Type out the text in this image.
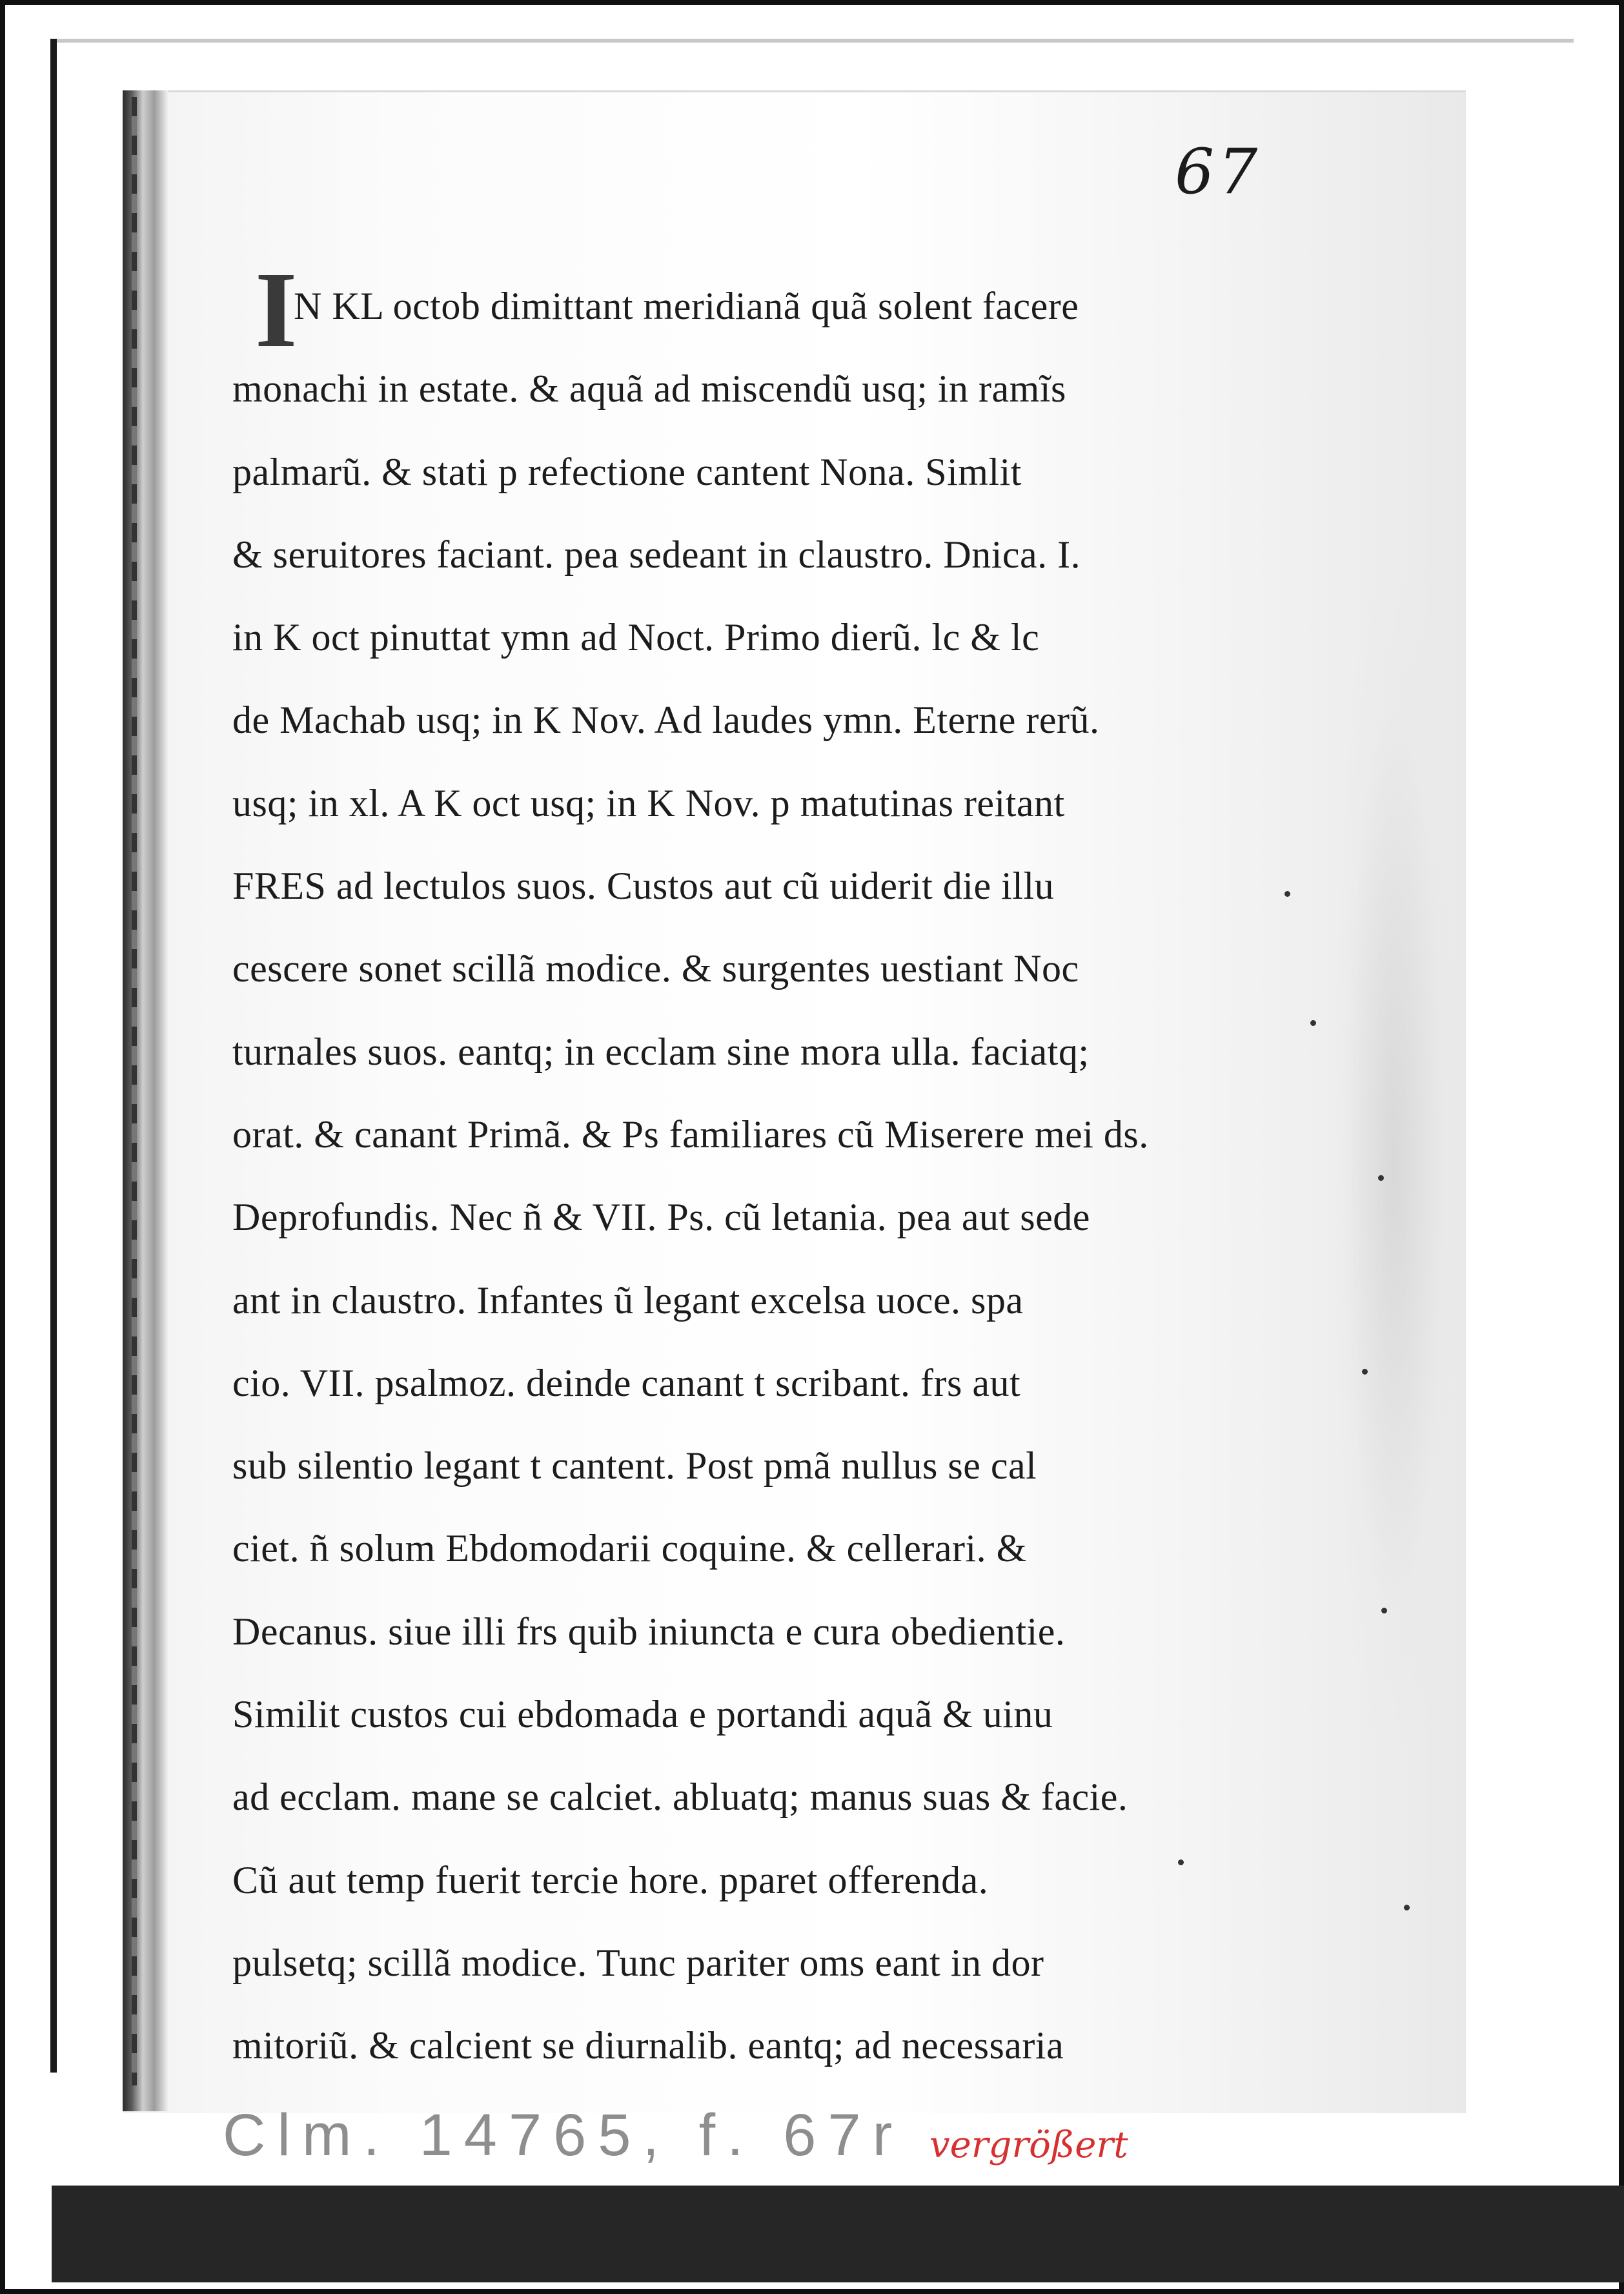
67
I
N KL octob dimittant meridianã quã solent facere
monachi in estate. & aquã ad miscendũ usq; in ramĩs
palmarũ. & stati p refectione cantent Nona. Simlit
& seruitores faciant. pea sedeant in claustro. Dnica. I.
in K oct pinuttat ymn ad Noct. Primo dierũ. lc & lc
de Machab usq; in K Nov. Ad laudes ymn. Eterne rerũ.
usq; in xl. A K oct usq; in K Nov. p matutinas reitant
FRES ad lectulos suos. Custos aut cũ uiderit die illu
cescere sonet scillã modice. & surgentes uestiant Noc
turnales suos. eantq; in ecclam sine mora ulla. faciatq;
orat. & canant Primã. & Ps familiares cũ Miserere mei ds.
Deprofundis. Nec ñ & VII. Ps. cũ letania. pea aut sede
ant in claustro. Infantes ũ legant excelsa uoce. spa
cio. VII. psalmoz. deinde canant t scribant. frs aut
sub silentio legant t cantent. Post pmã nullus se cal
ciet. ñ solum Ebdomodarii coquine. & cellerari. &
Decanus. siue illi frs quib iniuncta e cura obedientie.
Similit custos cui ebdomada e portandi aquã & uinu
ad ecclam. mane se calciet. abluatq; manus suas & facie.
Cũ aut temp fuerit tercie hore. pparet offerenda.
pulsetq; scillã modice. Tunc pariter oms eant in dor
mitoriũ. & calcient se diurnalib. eantq; ad necessaria
Clm. 14765, f. 67r vergrößert
